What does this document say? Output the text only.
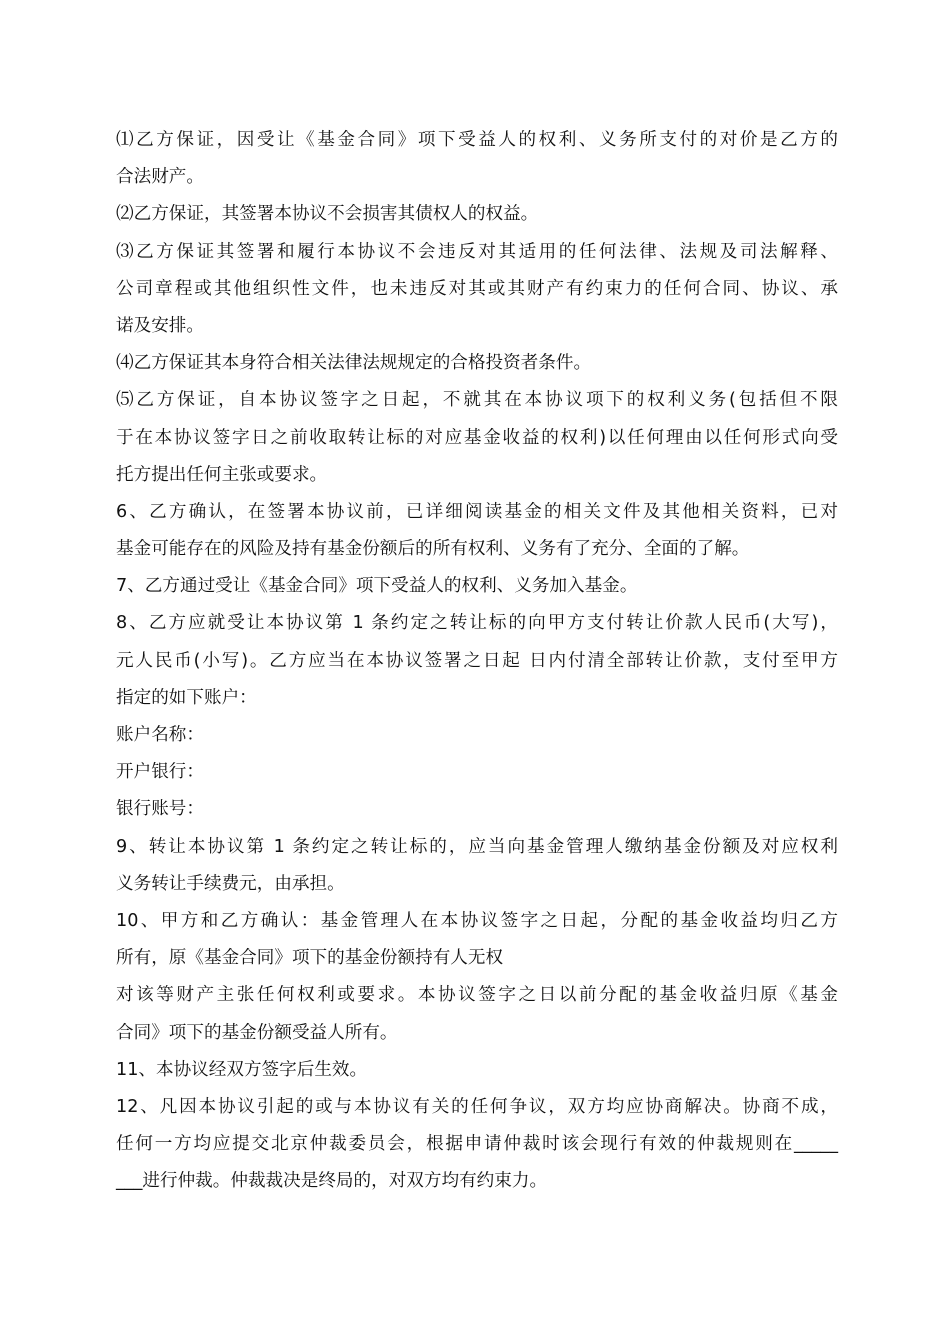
⑴乙方保证，因受让《基金合同》项下受益人的权利、义务所支付的对价是乙方的
合法财产。
⑵乙方保证，其签署本协议不会损害其债权人的权益。
⑶乙方保证其签署和履行本协议不会违反对其适用的任何法律、法规及司法解释、
公司章程或其他组织性文件，也未违反对其或其财产有约束力的任何合同、协议、承
诺及安排。
⑷乙方保证其本身符合相关法律法规规定的合格投资者条件。
⑸乙方保证，自本协议签字之日起，不就其在本协议项下的权利义务(包括但不限
于在本协议签字日之前收取转让标的对应基金收益的权利)以任何理由以任何形式向受
托方提出任何主张或要求。
6、乙方确认，在签署本协议前，已详细阅读基金的相关文件及其他相关资料，已对
基金可能存在的风险及持有基金份额后的所有权利、义务有了充分、全面的了解。
7、乙方通过受让《基金合同》项下受益人的权利、义务加入基金。
8、乙方应就受让本协议第 1 条约定之转让标的向甲方支付转让价款人民币(大写)，
元人民币(小写)。乙方应当在本协议签署之日起 日内付清全部转让价款，支付至甲方
指定的如下账户：
账户名称：
开户银行：
银行账号：
9、转让本协议第 1 条约定之转让标的，应当向基金管理人缴纳基金份额及对应权利
义务转让手续费元，由承担。
10、甲方和乙方确认：基金管理人在本协议签字之日起，分配的基金收益均归乙方
所有，原《基金合同》项下的基金份额持有人无权
对该等财产主张任何权利或要求。本协议签字之日以前分配的基金收益归原《基金
合同》项下的基金份额受益人所有。
11、本协议经双方签字后生效。
12、凡因本协议引起的或与本协议有关的任何争议，双方均应协商解决。协商不成，
任何一方均应提交北京仲裁委员会，根据申请仲裁时该会现行有效的仲裁规则在_____
___进行仲裁。仲裁裁决是终局的，对双方均有约束力。
